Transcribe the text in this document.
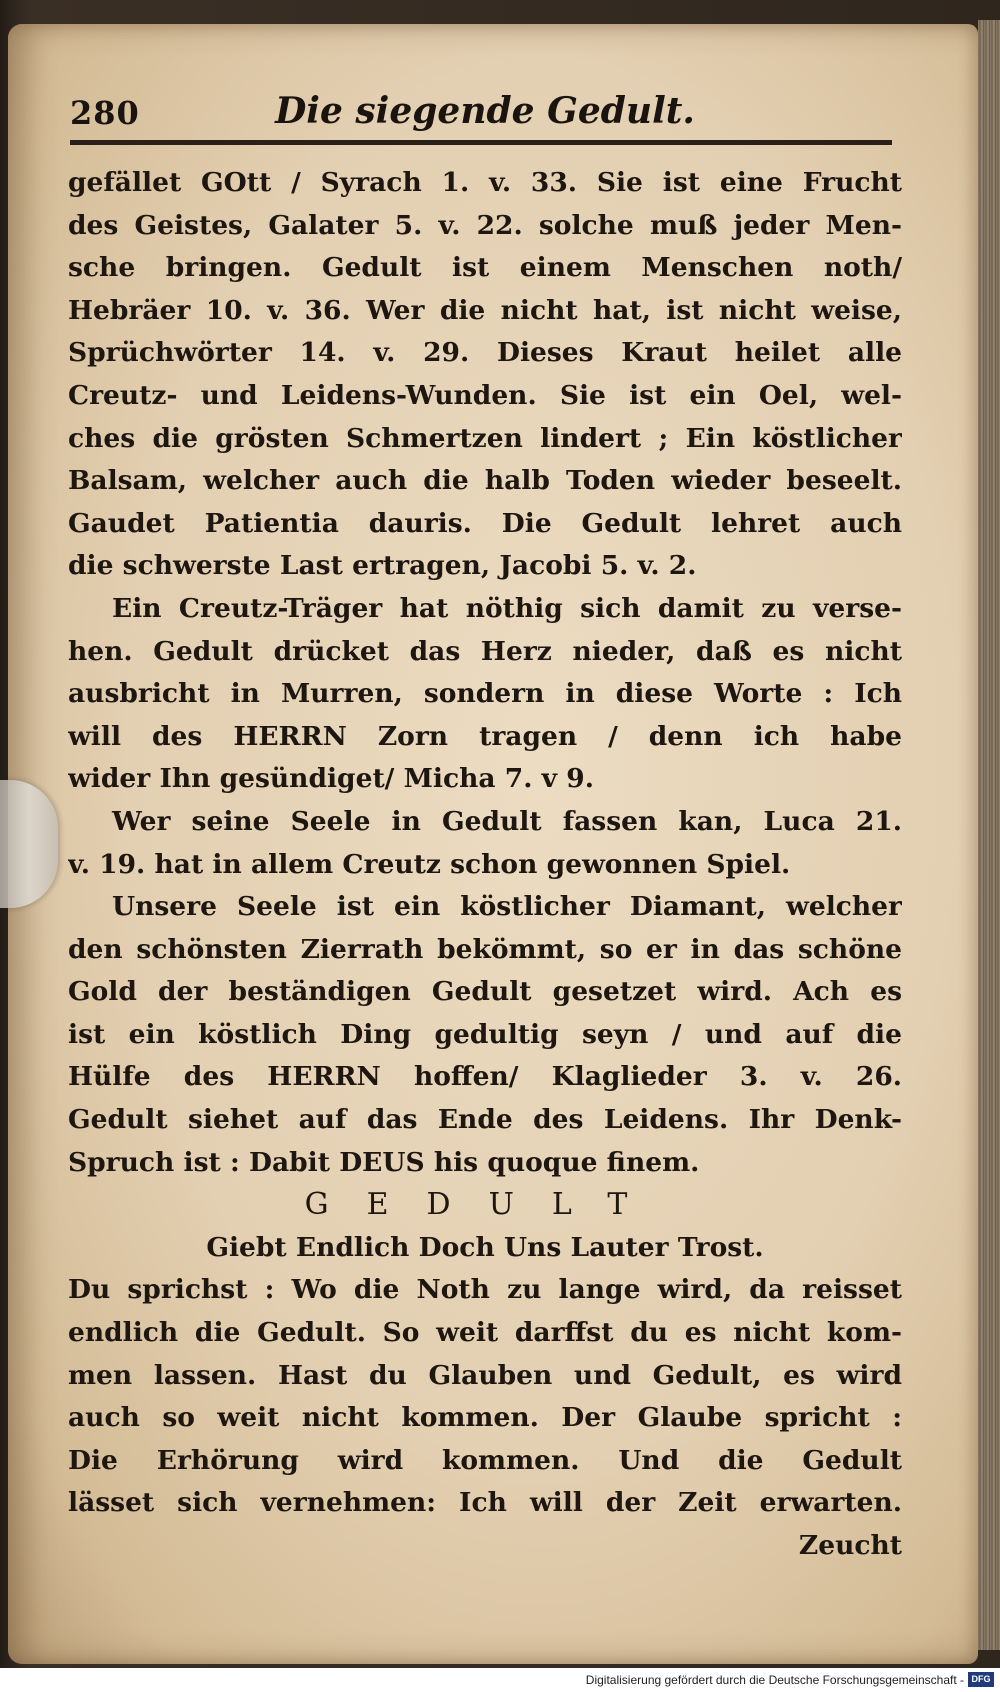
280	Die siegende Gedult.
gefället GOtt / Syrach 1. v. 33. Sie ist eine Frucht
des Geistes, Galater 5. v. 22. solche muß jeder Men-
sche bringen. Gedult ist einem Menschen noth/
Hebräer 10. v. 36. Wer die nicht hat, ist nicht weise,
Sprüchwörter 14. v. 29. Dieses Kraut heilet alle
Creutz- und Leidens-Wunden. Sie ist ein Oel, wel-
ches die grösten Schmertzen lindert ; Ein köstlicher
Balsam, welcher auch die halb Toden wieder beseelt.
Gaudet Patientia dauris. Die Gedult lehret auch
die schwerste Last ertragen, Jacobi 5. v. 2.
Ein Creutz-Träger hat nöthig sich damit zu verse-
hen. Gedult drücket das Herz nieder, daß es nicht
ausbricht in Murren, sondern in diese Worte : Ich
will des HERRN Zorn tragen / denn ich habe
wider Ihn gesündiget/ Micha 7. v 9.
Wer seine Seele in Gedult fassen kan, Luca 21.
v. 19. hat in allem Creutz schon gewonnen Spiel.
Unsere Seele ist ein köstlicher Diamant, welcher
den schönsten Zierrath bekömmt, so er in das schöne
Gold der beständigen Gedult gesetzet wird. Ach es
ist ein köstlich Ding gedultig seyn / und auf die
Hülfe des HERRN hoffen/ Klaglieder 3. v. 26.
Gedult siehet auf das Ende des Leidens. Ihr Denk-
Spruch ist : Dabit DEUS his quoque finem.
GEDULT
Giebt Endlich Doch Uns Lauter Trost.
Du sprichst : Wo die Noth zu lange wird, da reisset
endlich die Gedult. So weit darffst du es nicht kom-
men lassen. Hast du Glauben und Gedult, es wird
auch so weit nicht kommen. Der Glaube spricht :
Die Erhörung wird kommen. Und die Gedult
lässet sich vernehmen: Ich will der Zeit erwarten.
Zeucht
Digitalisierung gefördert durch die Deutsche Forschungsgemeinschaft - DFG
